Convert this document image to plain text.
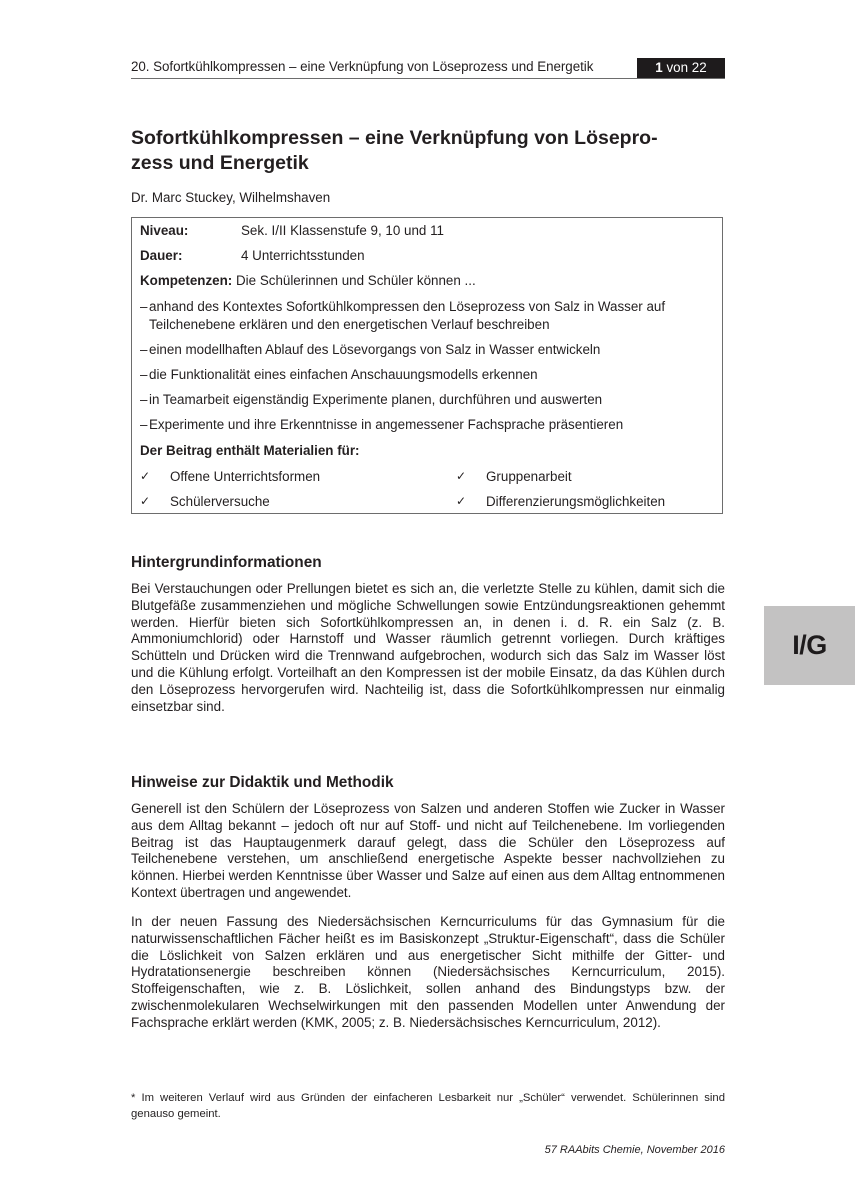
20. Sofortkühlkompressen – eine Verknüpfung von Löseprozess und Energetik	1 von 22
Sofortkühlkompressen – eine Verknüpfung von Lösepro-
zess und Energetik
Dr. Marc Stuckey, Wilhelmshaven
Niveau:	Sek. I/II Klassenstufe 9, 10 und 11
Dauer:	4 Unterrichtsstunden
Kompetenzen: Die Schülerinnen und Schüler können ...
– anhand des Kontextes Sofortkühlkompressen den Löseprozess von Salz in Wasser auf Teilchenebene erklären und den energetischen Verlauf beschreiben
– einen modellhaften Ablauf des Lösevorgangs von Salz in Wasser entwickeln
– die Funktionalität eines einfachen Anschauungsmodells erkennen
– in Teamarbeit eigenständig Experimente planen, durchführen und auswerten
– Experimente und ihre Erkenntnisse in angemessener Fachsprache präsentieren
Der Beitrag enthält Materialien für:
✓ Offene Unterrichtsformen	✓ Gruppenarbeit
✓ Schülerversuche	✓ Differenzierungsmöglichkeiten
Hintergrundinformationen

Bei Verstauchungen oder Prellungen bietet es sich an, die verletzte Stelle zu kühlen, damit sich die Blutgefäße zusammenziehen und mögliche Schwellungen sowie Entzündungsreaktionen gehemmt werden. Hierfür bieten sich Sofortkühlkompressen an, in denen i. d. R. ein Salz (z. B. Ammoniumchlorid) oder Harnstoff und Wasser räumlich getrennt vorliegen. Durch kräftiges Schütteln und Drücken wird die Trennwand aufgebrochen, wodurch sich das Salz im Wasser löst und die Kühlung erfolgt. Vorteilhaft an den Kompressen ist der mobile Einsatz, da das Kühlen durch den Löseprozess hervorgerufen wird. Nachteilig ist, dass die Sofortkühlkompressen nur einmalig einsetzbar sind.

Hinweise zur Didaktik und Methodik

Generell ist den Schülern der Löseprozess von Salzen und anderen Stoffen wie Zucker in Wasser aus dem Alltag bekannt – jedoch oft nur auf Stoff- und nicht auf Teilchenebene. Im vorliegenden Beitrag ist das Hauptaugenmerk darauf gelegt, dass die Schüler den Löseprozess auf Teilchenebene verstehen, um anschließend energetische Aspekte besser nachvollziehen zu können. Hierbei werden Kenntnisse über Wasser und Salze auf einen aus dem Alltag entnommenen Kontext übertragen und angewendet.

In der neuen Fassung des Niedersächsischen Kerncurriculums für das Gymnasium für die naturwissenschaftlichen Fächer heißt es im Basiskonzept „Struktur-Eigenschaft“, dass die Schüler die Löslichkeit von Salzen erklären und aus energetischer Sicht mithilfe der Gitter- und Hydratationsenergie beschreiben können (Niedersächsisches Kerncurriculum, 2015). Stoffeigenschaften, wie z. B. Löslichkeit, sollen anhand des Bindungstyps bzw. der zwischenmolekularen Wechselwirkungen mit den passenden Modellen unter Anwendung der Fachsprache erklärt werden (KMK, 2005; z. B. Niedersächsisches Kerncurriculum, 2012).

* Im weiteren Verlauf wird aus Gründen der einfacheren Lesbarkeit nur „Schüler“ verwendet. Schülerinnen sind genauso gemeint.

57 RAAbits Chemie, November 2016
I/G
